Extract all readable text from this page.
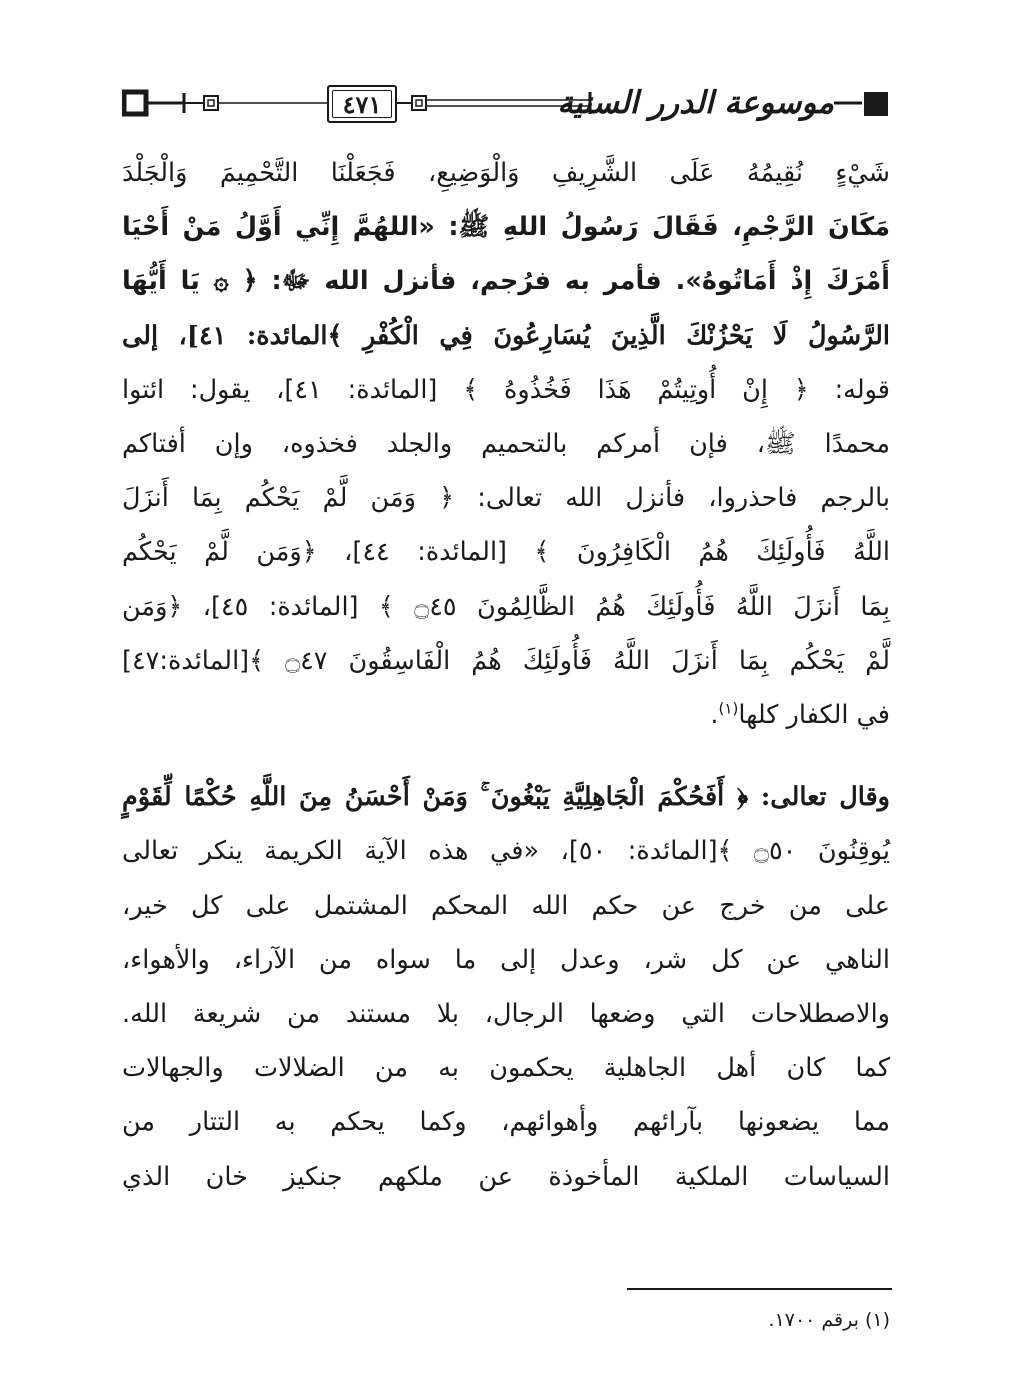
٤٧١	موسوعة الدرر السنية
شَيْءٍ نُقِيمُهُ عَلَى الشَّرِيفِ وَالْوَضِيعِ، فَجَعَلْنَا التَّحْمِيمَ وَالْجَلْدَ
مَكَانَ الرَّجْمِ، فَقَالَ رَسُولُ اللهِ ﷺ: «اللهُمَّ إِنِّي أَوَّلُ مَنْ أَحْيَا
أَمْرَكَ إِذْ أَمَاتُوهُ». فأمر به فرُجم، فأنزل الله ﷻ: ﴿ ۞ يَا أَيُّهَا
الرَّسُولُ لَا يَحْزُنْكَ الَّذِينَ يُسَارِعُونَ فِي الْكُفْرِ ﴾المائدة: ٤١]، إلى
قوله: ﴿ إِنْ أُوتِيتُمْ هَذَا فَخُذُوهُ ﴾ [المائدة: ٤١]، يقول: ائتوا
محمدًا ﷺ، فإن أمركم بالتحميم والجلد فخذوه، وإن أفتاكم
بالرجم فاحذروا، فأنزل الله تعالى: ﴿ وَمَن لَّمْ يَحْكُم بِمَا أَنزَلَ
اللَّهُ فَأُولَئِكَ هُمُ الْكَافِرُونَ ﴾ [المائدة: ٤٤]، ﴿وَمَن لَّمْ يَحْكُم
بِمَا أَنزَلَ اللَّهُ فَأُولَئِكَ هُمُ الظَّالِمُونَ ۝٤٥ ﴾ [المائدة: ٤٥]، ﴿وَمَن
لَّمْ يَحْكُم بِمَا أَنزَلَ اللَّهُ فَأُولَئِكَ هُمُ الْفَاسِقُونَ ۝٤٧ ﴾[المائدة:٤٧]
في الكفار كلها$^{(١)}$.
وقال تعالى: ﴿ أَفَحُكْمَ الْجَاهِلِيَّةِ يَبْغُونَ ۚ وَمَنْ أَحْسَنُ مِنَ اللَّهِ حُكْمًا لِّقَوْمٍ
يُوقِنُونَ ۝٥٠ ﴾[المائدة: ٥٠]، «في هذه الآية الكريمة ينكر تعالى
على من خرج عن حكم الله المحكم المشتمل على كل خير،
الناهي عن كل شر، وعدل إلى ما سواه من الآراء، والأهواء،
والاصطلاحات التي وضعها الرجال، بلا مستند من شريعة الله.
كما كان أهل الجاهلية يحكمون به من الضلالات والجهالات
مما يضعونها بآرائهم وأهوائهم، وكما يحكم به التتار من
السياسات الملكية المأخوذة عن ملكهم جنكيز خان الذي
(١) برقم ١٧٠٠.
